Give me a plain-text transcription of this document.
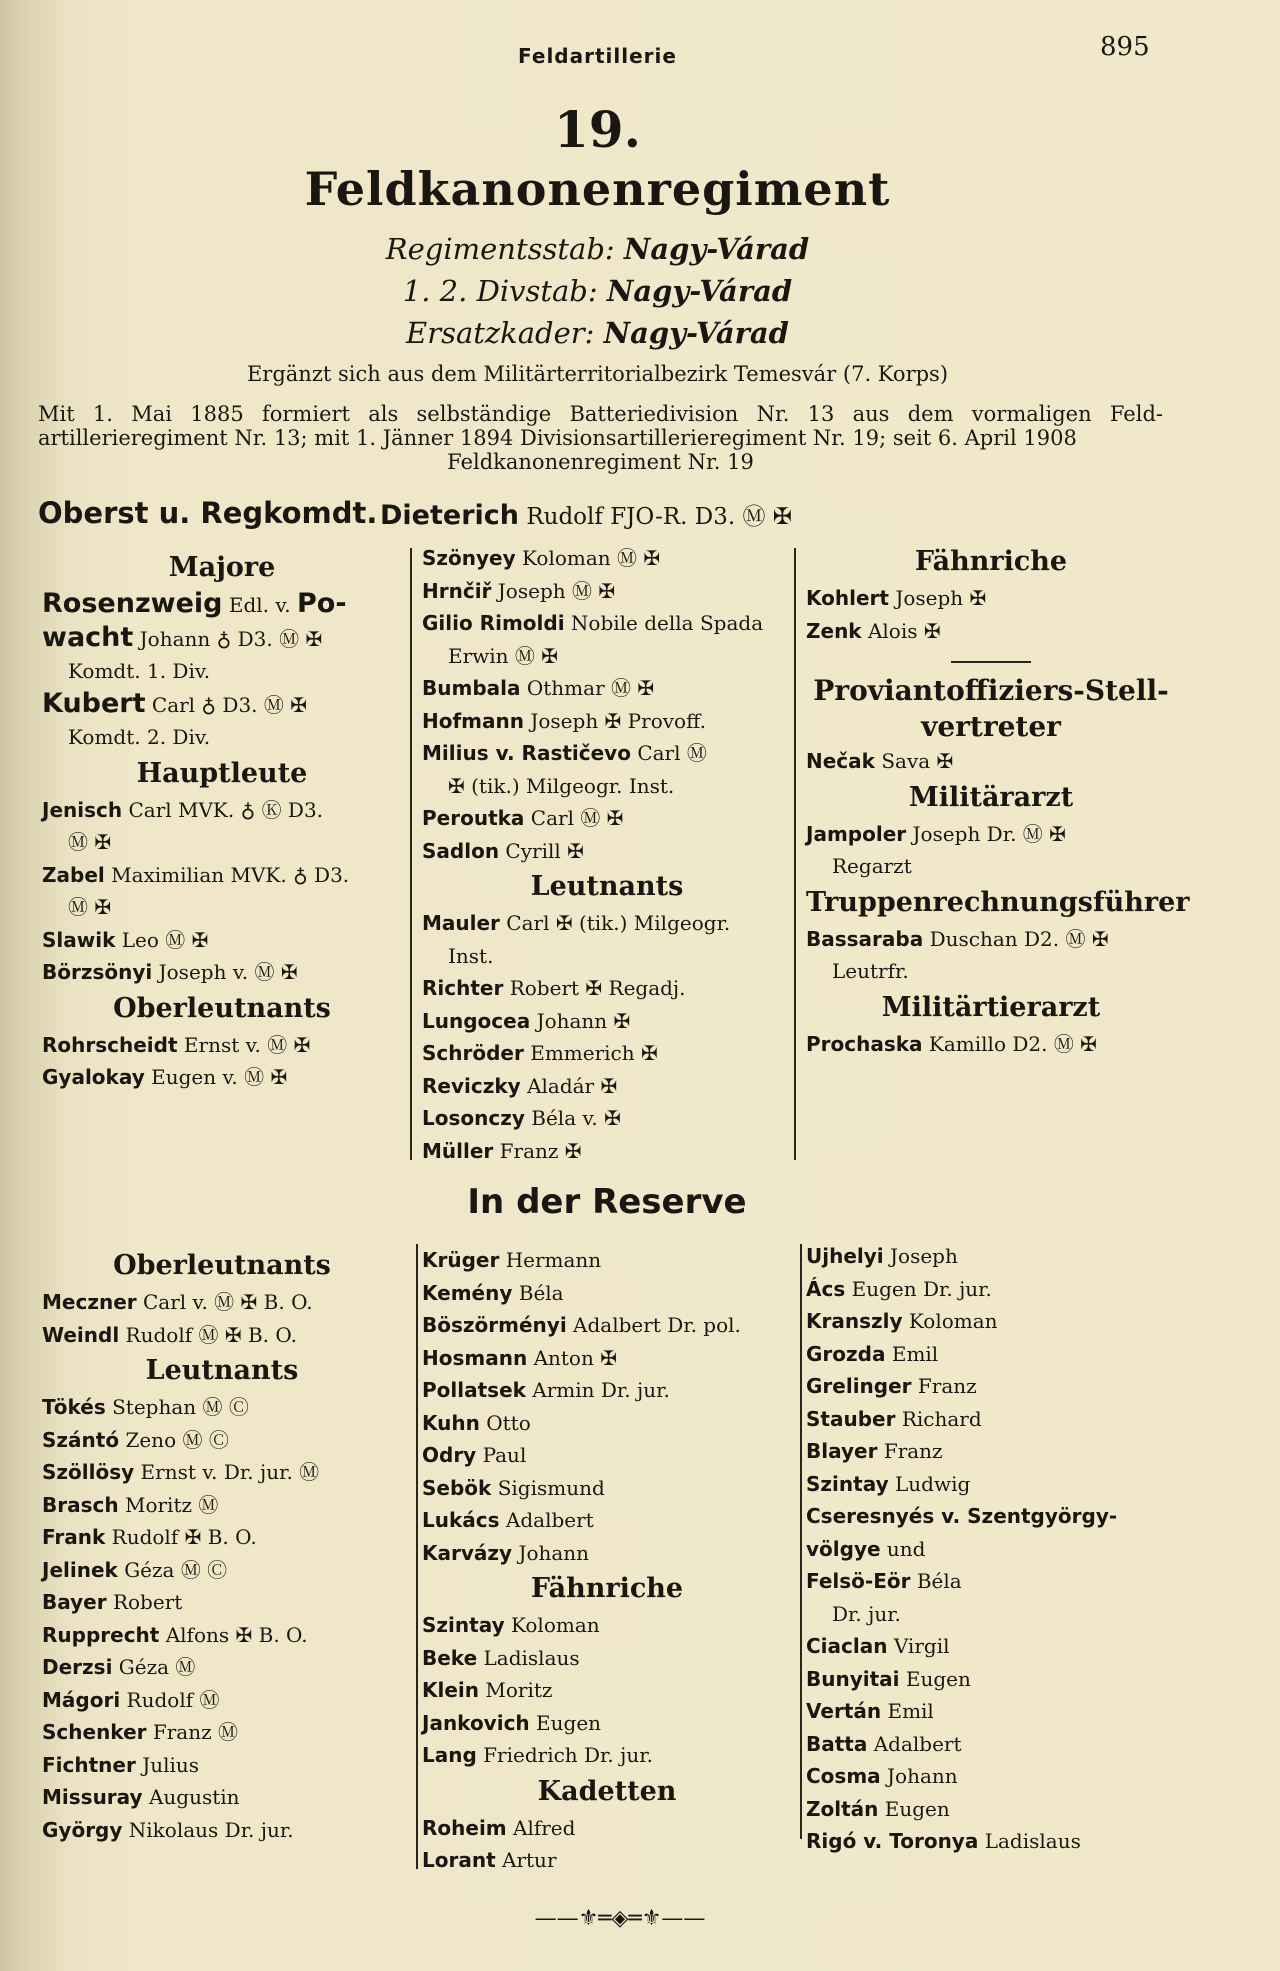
Feldartillerie	895
19.
Feldkanonenregiment
Regimentsstab: Nagy-Várad
1. 2. Divstab: Nagy-Várad
Ersatzkader: Nagy-Várad
Ergänzt sich aus dem Militärterritorialbezirk Temesvár (7. Korps)
Mit 1. Mai 1885 formiert als selbständige Batteriedivision Nr. 13 aus dem vormaligen Feld-artillerieregiment Nr. 13; mit 1. Jänner 1894 Divisionsartillerieregiment Nr. 19; seit 6. April 1908
Feldkanonenregiment Nr. 19
Oberst u. Regkomdt. Dieterich Rudolf FJO-R. D3. Ⓜ ✠
Majore
Rosenzweig Edl. v. Po-
wacht Johann ♁ D3. Ⓜ ✠
Komdt. 1. Div.
Kubert Carl ♁ D3. Ⓜ ✠
Komdt. 2. Div.
Hauptleute
Jenisch Carl MVK. ♁ Ⓚ D3.
Ⓜ ✠
Zabel Maximilian MVK. ♁ D3.
Ⓜ ✠
Slawik Leo Ⓜ ✠
Börzsönyi Joseph v. Ⓜ ✠
Oberleutnants
Rohrscheidt Ernst v. Ⓜ ✠
Gyalokay Eugen v. Ⓜ ✠
Szönyey Koloman Ⓜ ✠
Hrnčiř Joseph Ⓜ ✠
Gilio Rimoldi Nobile della Spada
Erwin Ⓜ ✠
Bumbala Othmar Ⓜ ✠
Hofmann Joseph ✠ Provoff.
Milius v. Rastičevo Carl Ⓜ
✠ (tik.) Milgeogr. Inst.
Peroutka Carl Ⓜ ✠
Sadlon Cyrill ✠
Leutnants
Mauler Carl ✠ (tik.) Milgeogr.
Inst.
Richter Robert ✠ Regadj.
Lungocea Johann ✠
Schröder Emmerich ✠
Reviczky Aladár ✠
Losonczy Béla v. ✠
Müller Franz ✠
Fähnriche
Kohlert Joseph ✠
Zenk Alois ✠
Proviantoffiziers-Stell-vertreter
Nečak Sava ✠
Militärarzt
Jampoler Joseph Dr. Ⓜ ✠
Regarzt
Truppenrechnungsführer
Bassaraba Duschan D2. Ⓜ ✠
Leutrfr.
Militärtierarzt
Prochaska Kamillo D2. Ⓜ ✠
In der Reserve
Oberleutnants
Meczner Carl v. Ⓜ ✠ B. O.
Weindl Rudolf Ⓜ ✠ B. O.
Leutnants
Tökés Stephan Ⓜ Ⓒ
Szántó Zeno Ⓜ Ⓒ
Szöllösy Ernst v. Dr. jur. Ⓜ
Brasch Moritz Ⓜ
Frank Rudolf ✠ B. O.
Jelinek Géza Ⓜ Ⓒ
Bayer Robert
Rupprecht Alfons ✠ B. O.
Derzsi Géza Ⓜ
Mágori Rudolf Ⓜ
Schenker Franz Ⓜ
Fichtner Julius
Missuray Augustin
György Nikolaus Dr. jur.
Krüger Hermann
Kemény Béla
Böszörményi Adalbert Dr. pol.
Hosmann Anton ✠
Pollatsek Armin Dr. jur.
Kuhn Otto
Odry Paul
Sebök Sigismund
Lukács Adalbert
Karvázy Johann
Fähnriche
Szintay Koloman
Beke Ladislaus
Klein Moritz
Jankovich Eugen
Lang Friedrich Dr. jur.
Kadetten
Roheim Alfred
Lorant Artur
Ujhelyi Joseph
Ács Eugen Dr. jur.
Kranszly Koloman
Grozda Emil
Grelinger Franz
Stauber Richard
Blayer Franz
Szintay Ludwig
Cseresnyés v. Szentgyörgy-
völgye und
Felsö-Eör Béla
Dr. jur.
Ciaclan Virgil
Bunyitai Eugen
Vertán Emil
Batta Adalbert
Cosma Johann
Zoltán Eugen
Rigó v. Toronya Ladislaus
——⚜═◈═⚜——
